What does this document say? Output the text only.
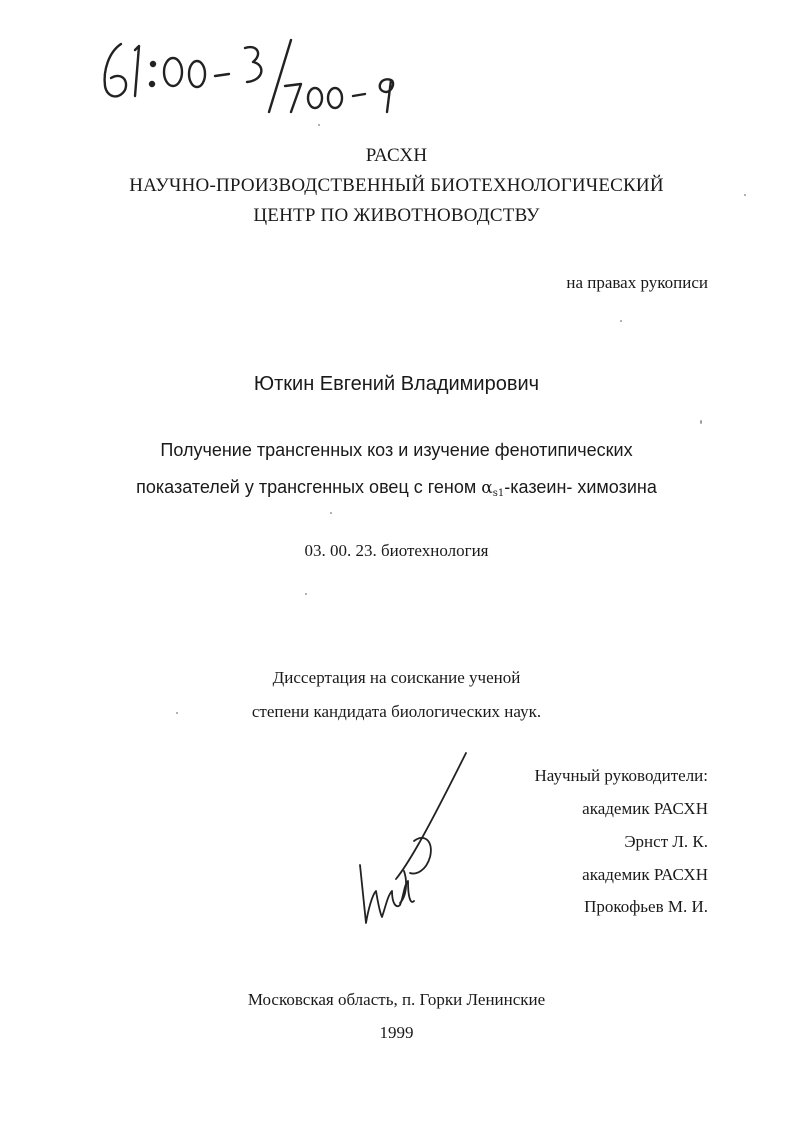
РАСХН
НАУЧНО-ПРОИЗВОДСТВЕННЫЙ БИОТЕХНОЛОГИЧЕСКИЙ
ЦЕНТР ПО ЖИВОТНОВОДСТВУ
на правах рукописи
Юткин Евгений Владимирович
Получение трансгенных коз и изучение фенотипических
показателей у трансгенных овец с геном $\alpha_{s1}-казеин-$ химозина
03. 00. 23. биотехнология
Диссертация на соискание ученой
степени кандидата биологических наук.
Научный руководители:
академик РАСХН
Эрнст Л. К.
академик РАСХН
Прокофьев М. И.
Московская область, п. Горки Ленинские
1999
